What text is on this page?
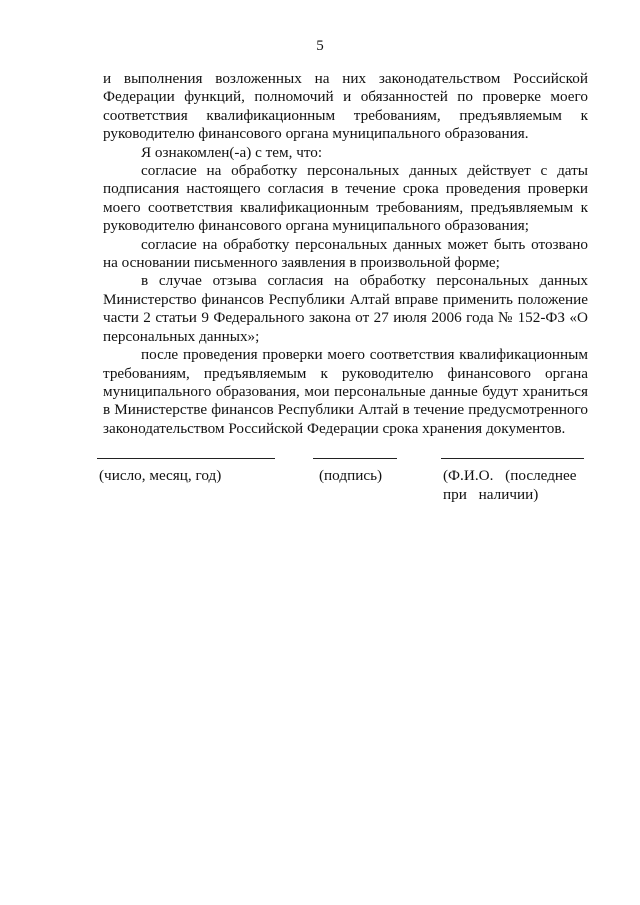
5

и выполнения возложенных на них законодательством Российской Федерации функций, полномочий и обязанностей по проверке моего соответствия квалификационным требованиям, предъявляемым к руководителю финансового органа муниципального образования.

Я ознакомлен(-а) с тем, что:

согласие на обработку персональных данных действует с даты подписания настоящего согласия в течение срока проведения проверки моего соответствия квалификационным требованиям, предъявляемым к руководителю финансового органа муниципального образования;

согласие на обработку персональных данных может быть отозвано на основании письменного заявления в произвольной форме;

в случае отзыва согласия на обработку персональных данных Министерство финансов Республики Алтай вправе применить положение части 2 статьи 9 Федерального закона от 27 июля 2006 года № 152-ФЗ «О персональных данных»;

после проведения проверки моего соответствия квалификационным требованиям, предъявляемым к руководителю финансового органа муниципального образования, мои персональные данные будут храниться в Министерстве финансов Республики Алтай в течение предусмотренного законодательством Российской Федерации срока хранения документов.

(число, месяц, год)	(подпись)	(Ф.И.О. (последнее при наличии)
